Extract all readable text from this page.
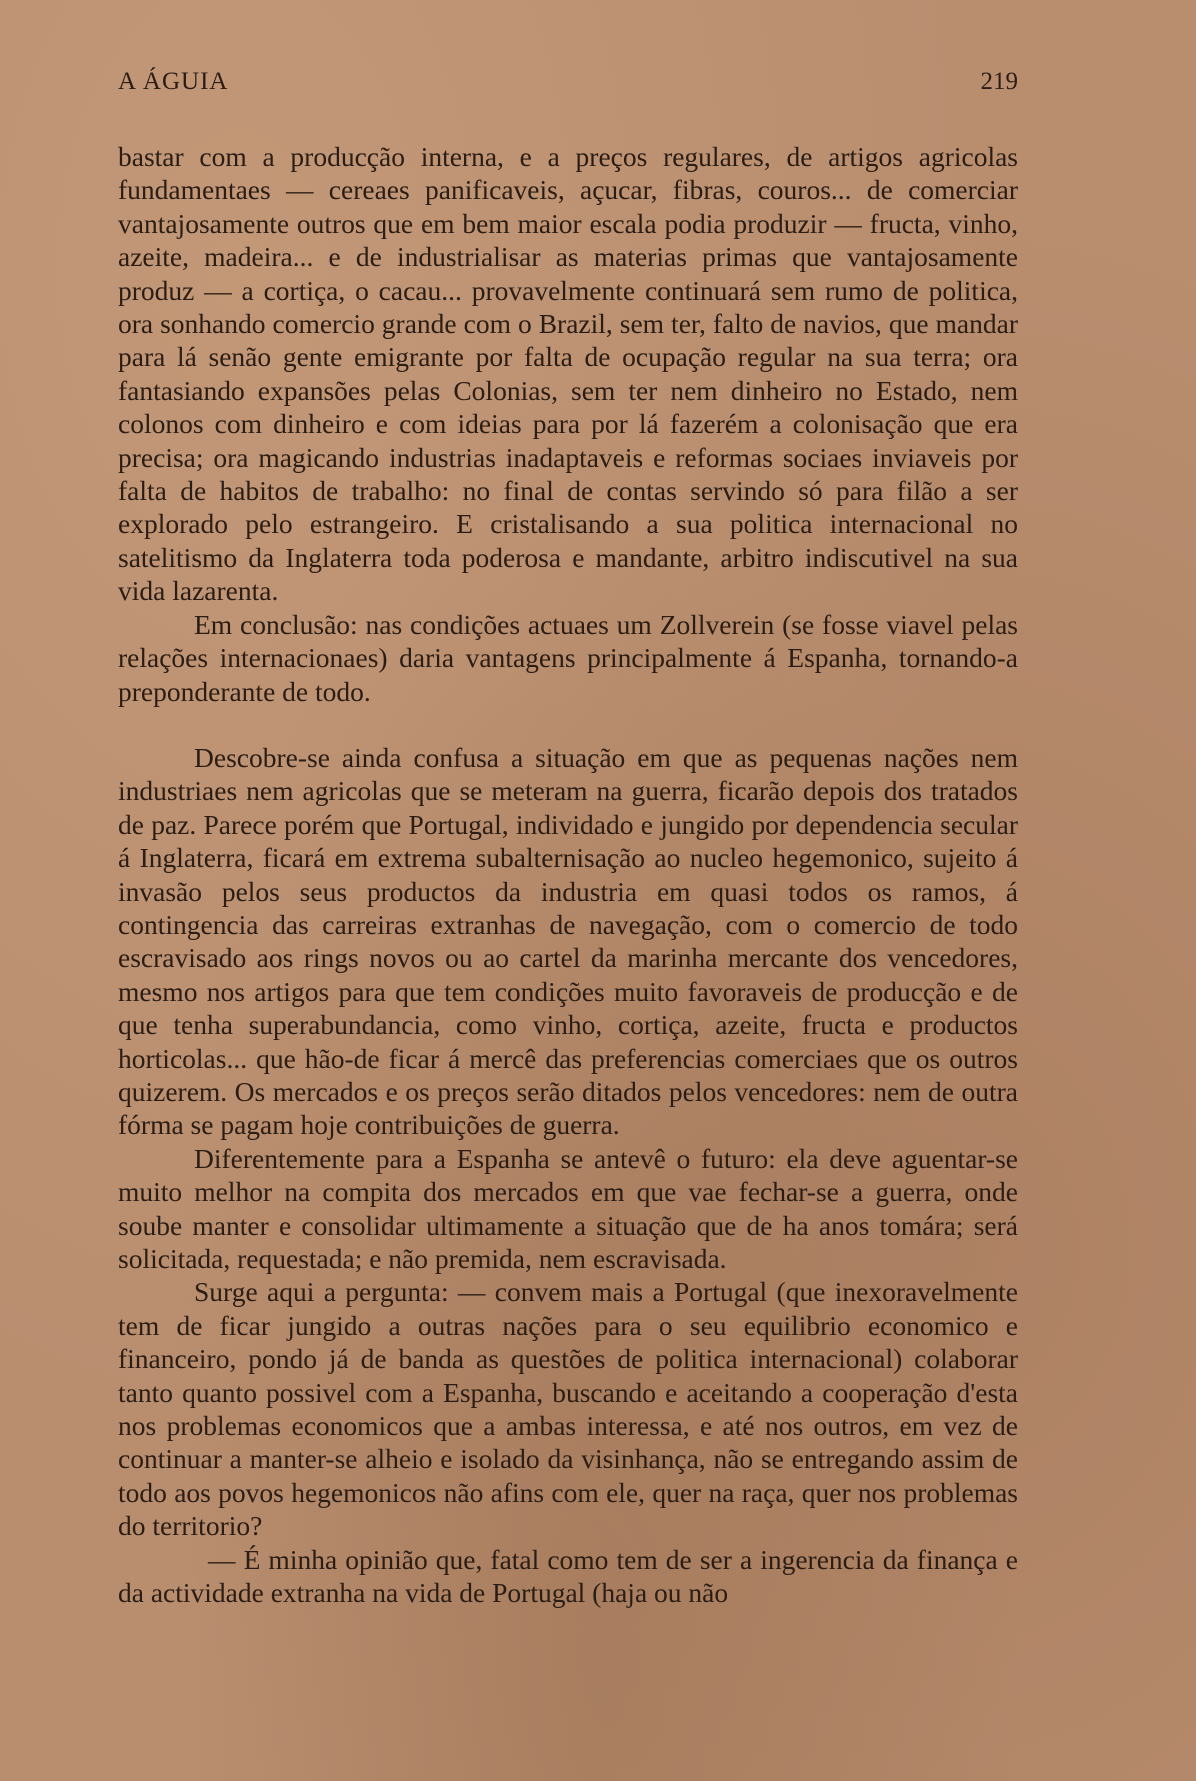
A ÁGUIA	219

bastar com a producção interna, e a preços regulares, de artigos agricolas fundamentaes — cereaes panificaveis, açucar, fibras, couros... de comerciar vantajosamente outros que em bem maior escala podia produzir — fructa, vinho, azeite, madeira... e de industrialisar as materias primas que vantajosamente produz — a cortiça, o cacau... provavelmente continuará sem rumo de politica, ora sonhando comercio grande com o Brazil, sem ter, falto de navios, que mandar para lá senão gente emigrante por falta de ocupação regular na sua terra; ora fantasiando expansões pelas Colonias, sem ter nem dinheiro no Estado, nem colonos com dinheiro e com ideias para por lá fazerém a colonisação que era precisa; ora magicando industrias inadaptaveis e reformas sociaes inviaveis por falta de habitos de trabalho: no final de contas servindo só para filão a ser explorado pelo estrangeiro. E cristalisando a sua politica internacional no satelitismo da Inglaterra toda poderosa e mandante, arbitro indiscutivel na sua vida lazarenta.

Em conclusão: nas condições actuaes um Zollverein (se fosse viavel pelas relações internacionaes) daria vantagens principalmente á Espanha, tornando-a preponderante de todo.

Descobre-se ainda confusa a situação em que as pequenas nações nem industriaes nem agricolas que se meteram na guerra, ficarão depois dos tratados de paz. Parece porém que Portugal, individado e jungido por dependencia secular á Inglaterra, ficará em extrema subalternisação ao nucleo hegemonico, sujeito á invasão pelos seus productos da industria em quasi todos os ramos, á contingencia das carreiras extranhas de navegação, com o comercio de todo escravisado aos rings novos ou ao cartel da marinha mercante dos vencedores, mesmo nos artigos para que tem condições muito favoraveis de producção e de que tenha superabundancia, como vinho, cortiça, azeite, fructa e productos horticolas... que hão-de ficar á mercê das preferencias comerciaes que os outros quizerem. Os mercados e os preços serão ditados pelos vencedores: nem de outra fórma se pagam hoje contribuições de guerra.

Diferentemente para a Espanha se antevê o futuro: ela deve aguentar-se muito melhor na compita dos mercados em que vae fechar-se a guerra, onde soube manter e consolidar ultimamente a situação que de ha anos tomára; será solicitada, requestada; e não premida, nem escravisada.

Surge aqui a pergunta: — convem mais a Portugal (que inexoravelmente tem de ficar jungido a outras nações para o seu equilibrio economico e financeiro, pondo já de banda as questões de politica internacional) colaborar tanto quanto possivel com a Espanha, buscando e aceitando a cooperação d'esta nos problemas economicos que a ambas interessa, e até nos outros, em vez de continuar a manter-se alheio e isolado da visinhança, não se entregando assim de todo aos povos hegemonicos não afins com ele, quer na raça, quer nos problemas do territorio?

— É minha opinião que, fatal como tem de ser a ingerencia da finança e da actividade extranha na vida de Portugal (haja ou não
